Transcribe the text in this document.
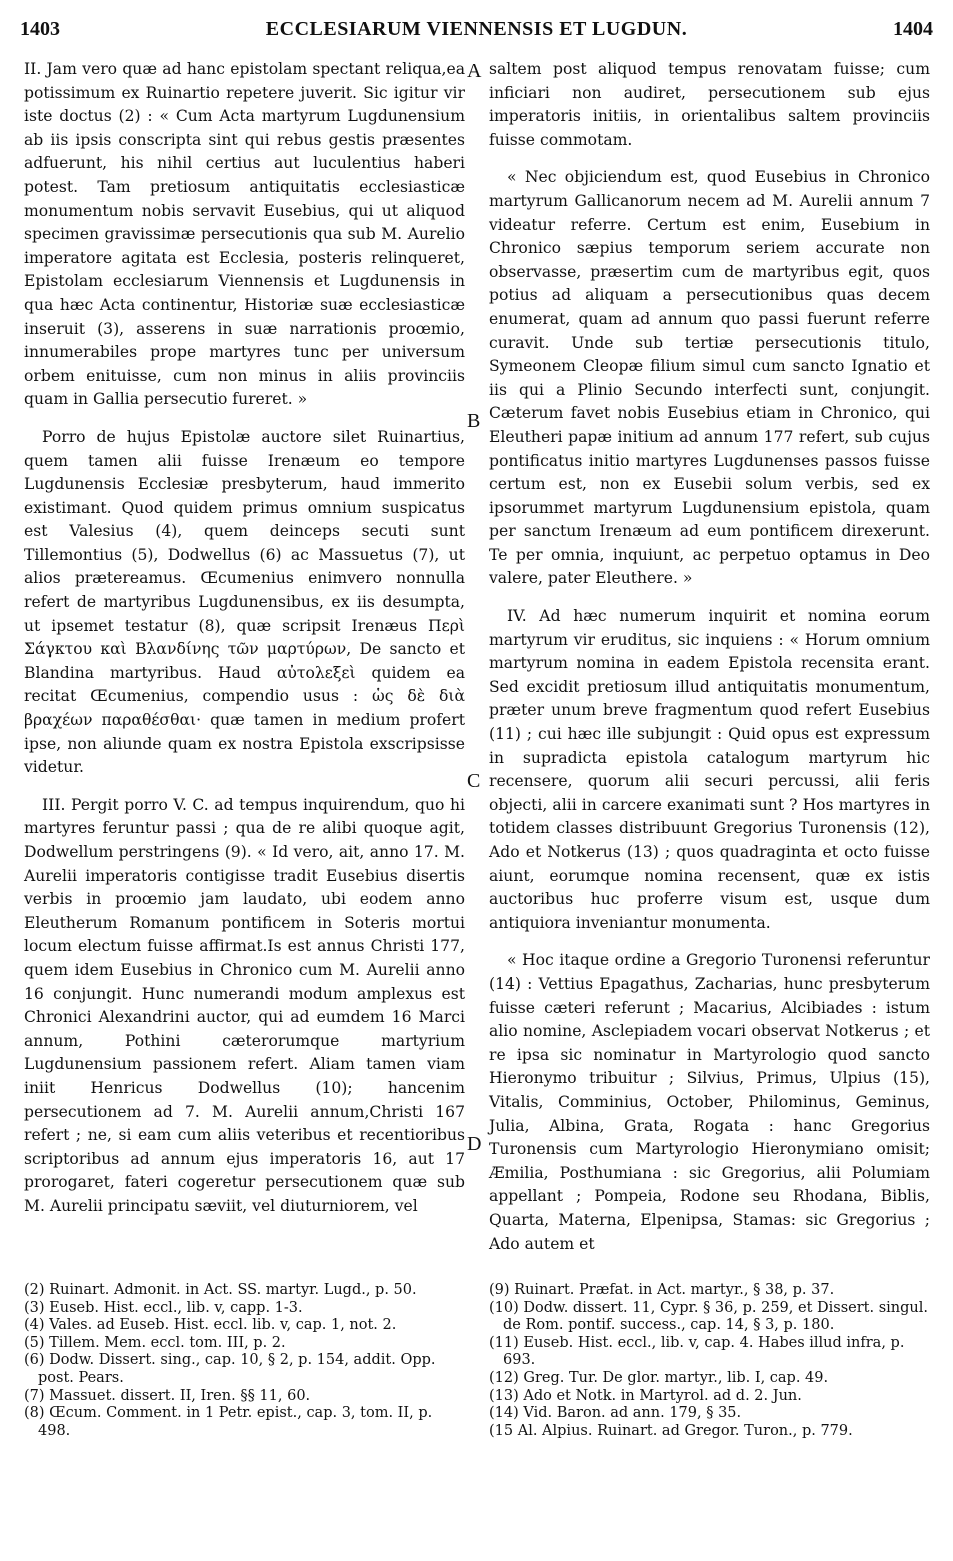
1403	ECCLESIARUM VIENNENSIS ET LUGDUN.	1404
A
B
C
D

II. Jam vero quæ ad hanc epistolam spectant reliqua,ea potissimum ex Ruinartio repetere juverit. Sic igitur vir iste doctus (2) : « Cum Acta martyrum Lugdunensium ab iis ipsis conscripta sint qui rebus gestis præsentes adfuerunt, his nihil certius aut luculentius haberi potest. Tam pretiosum antiquitatis ecclesiasticæ monumentum nobis servavit Eusebius, qui ut aliquod specimen gravissimæ persecutionis qua sub M. Aurelio imperatore agitata est Ecclesia, posteris relinqueret, Epistolam ecclesiarum Viennensis et Lugdunensis in qua hæc Acta continentur, Historiæ suæ ecclesiasticæ inseruit (3), asserens in suæ narrationis proœmio, innumerabiles prope martyres tunc per universum orbem enituisse, cum non minus in aliis provinciis quam in Gallia persecutio fureret. »

Porro de hujus Epistolæ auctore silet Ruinartius, quem tamen alii fuisse Irenæum eo tempore Lugdunensis Ecclesiæ presbyterum, haud immerito existimant. Quod quidem primus omnium suspicatus est Valesius (4), quem deinceps secuti sunt Tillemontius (5), Dodwellus (6) ac Massuetus (7), ut alios prætereamus. Œcumenius enimvero nonnulla refert de martyribus Lugdunensibus, ex iis desumpta, ut ipsemet testatur (8), quæ scripsit Irenæus Περὶ Σάγκτου καὶ Βλανδίνης τῶν μαρτύρων, De sancto et Blandina martyribus. Haud αὐτολεξεὶ quidem ea recitat Œcumenius, compendio usus : ὡς δὲ διὰ βραχέων παραθέσθαι· quæ tamen in medium profert ipse, non aliunde quam ex nostra Epistola exscripsisse videtur.

III. Pergit porro V. C. ad tempus inquirendum, quo hi martyres feruntur passi ; qua de re alibi quoque agit, Dodwellum perstringens (9). « Id vero, ait, anno 17. M. Aurelii imperatoris contigisse tradit Eusebius disertis verbis in proœmio jam laudato, ubi eodem anno Eleutherum Romanum pontificem in Soteris mortui locum electum fuisse affirmat.Is est annus Christi 177, quem idem Eusebius in Chronico cum M. Aurelii anno 16 conjungit. Hunc numerandi modum amplexus est Chronici Alexandrini auctor, qui ad eumdem 16 Marci annum, Pothini cæterorumque martyrium Lugdunensium passionem refert. Aliam tamen viam iniit Henricus Dodwellus (10); hancenim persecutionem ad 7. M. Aurelii annum,Christi 167 refert ; ne, si eam cum aliis veteribus et recentioribus scriptoribus ad annum ejus imperatoris 16, aut 17 prorogaret, fateri cogeretur persecutionem quæ sub M. Aurelii principatu sæviit, vel diuturniorem, vel

saltem post aliquod tempus renovatam fuisse; cum inficiari non audiret, persecutionem sub ejus imperatoris initiis, in orientalibus saltem provinciis fuisse commotam.

« Nec objiciendum est, quod Eusebius in Chronico martyrum Gallicanorum necem ad M. Aurelii annum 7 videatur referre. Certum est enim, Eusebium in Chronico sæpius temporum seriem accurate non observasse, præsertim cum de martyribus egit, quos potius ad aliquam a persecutionibus quas decem enumerat, quam ad annum quo passi fuerunt referre curavit. Unde sub tertiæ persecutionis titulo, Symeonem Cleopæ filium simul cum sancto Ignatio et iis qui a Plinio Secundo interfecti sunt, conjungit. Cæterum favet nobis Eusebius etiam in Chronico, qui Eleutheri papæ initium ad annum 177 refert, sub cujus pontificatus initio martyres Lugdunenses passos fuisse certum est, non ex Eusebii solum verbis, sed ex ipsorummet martyrum Lugdunensium epistola, quam per sanctum Irenæum ad eum pontificem direxerunt. Te per omnia, inquiunt, ac perpetuo optamus in Deo valere, pater Eleuthere. »

IV. Ad hæc numerum inquirit et nomina eorum martyrum vir eruditus, sic inquiens : « Horum omnium martyrum nomina in eadem Epistola recensita erant. Sed excidit pretiosum illud antiquitatis monumentum, præter unum breve fragmentum quod refert Eusebius (11) ; cui hæc ille subjungit : Quid opus est expressum in supradicta epistola catalogum martyrum hic recensere, quorum alii securi percussi, alii feris objecti, alii in carcere exanimati sunt ? Hos martyres in totidem classes distribuunt Gregorius Turonensis (12), Ado et Notkerus (13) ; quos quadraginta et octo fuisse aiunt, eorumque nomina recensent, quæ ex istis auctoribus huc proferre visum est, usque dum antiquiora inveniantur monumenta.

« Hoc itaque ordine a Gregorio Turonensi referuntur (14) : Vettius Epagathus, Zacharias, hunc presbyterum fuisse cæteri referunt ; Macarius, Alcibiades : istum alio nomine, Asclepiadem vocari observat Notkerus ; et re ipsa sic nominatur in Martyrologio quod sancto Hieronymo tribuitur ; Silvius, Primus, Ulpius (15), Vitalis, Comminius, October, Philominus, Geminus, Julia, Albina, Grata, Rogata : hanc Gregorius Turonensis cum Martyrologio Hieronymiano omisit; Æmilia, Posthumiana : sic Gregorius, alii Polumiam appellant ; Pompeia, Rodone seu Rhodana, Biblis, Quarta, Materna, Elpenipsa, Stamas: sic Gregorius ; Ado autem et

(2) Ruinart. Admonit. in Act. SS. martyr. Lugd., p. 50.

(3) Euseb. Hist. eccl., lib. v, capp. 1-3.

(4) Vales. ad Euseb. Hist. eccl. lib. v, cap. 1, not. 2.

(5) Tillem. Mem. eccl. tom. III, p. 2.

(6) Dodw. Dissert. sing., cap. 10, § 2, p. 154, addit. Opp. post. Pears.

(7) Massuet. dissert. II, Iren. §§ 11, 60.

(8) Œcum. Comment. in 1 Petr. epist., cap. 3, tom. II, p. 498.

(9) Ruinart. Præfat. in Act. martyr., § 38, p. 37.

(10) Dodw. dissert. 11, Cypr. § 36, p. 259, et Dissert. singul. de Rom. pontif. success., cap. 14, § 3, p. 180.

(11) Euseb. Hist. eccl., lib. v, cap. 4. Habes illud infra, p. 693.

(12) Greg. Tur. De glor. martyr., lib. I, cap. 49.

(13) Ado et Notk. in Martyrol. ad d. 2. Jun.

(14) Vid. Baron. ad ann. 179, § 35.

(15 Al. Alpius. Ruinart. ad Gregor. Turon., p. 779.
